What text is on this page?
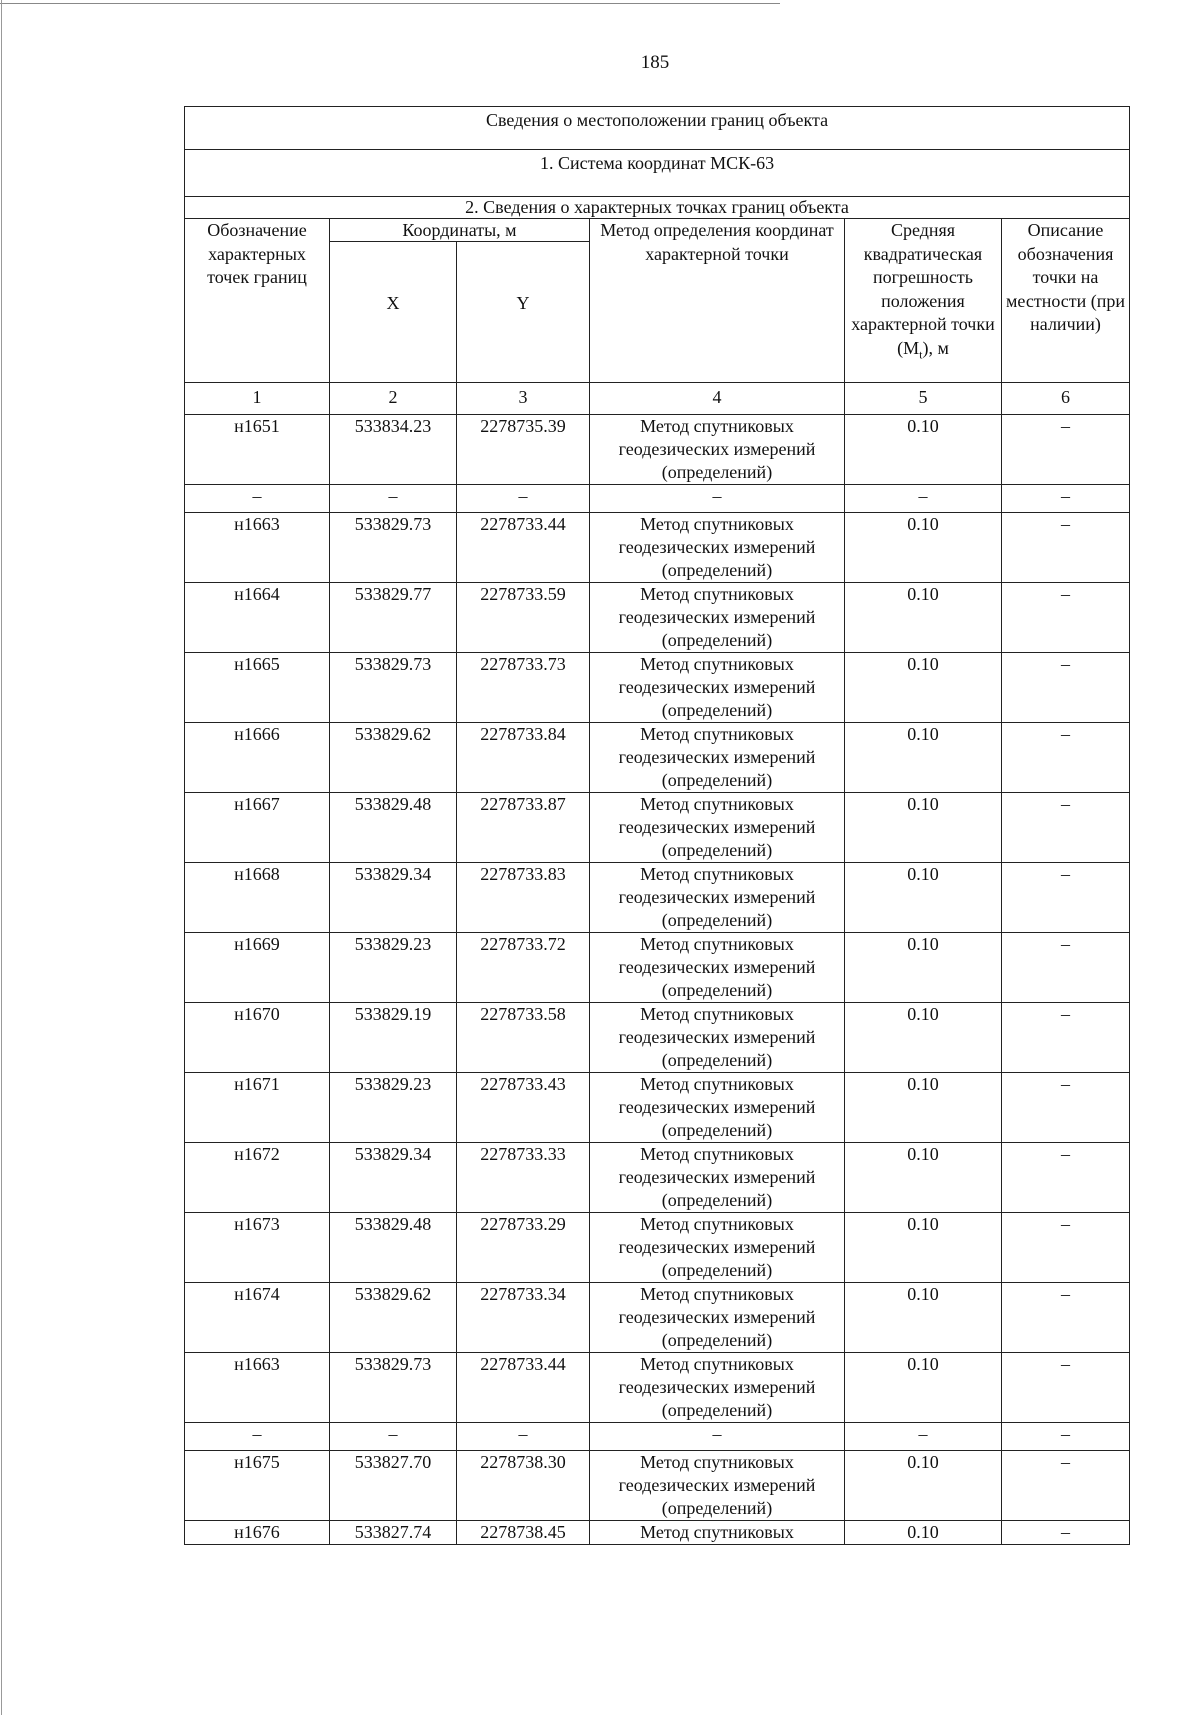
185
Сведения о местоположении границ объекта					
1. Система координат МСК-63					
2. Сведения о характерных точках границ объекта					
Обозначение характерных точек границ	Координаты, м		Метод определения координат характерной точки	Средняя квадратическая погрешность положения характерной точки $(M_t)$, м	Описание обозначения точки на местности (при наличии)
	X	Y			
1	2	3	4	5	6
н1651	533834.23	2278735.39	Метод спутниковых геодезических измерений (определений)	0.10	–
–	–	–	–	–	–
н1663	533829.73	2278733.44	Метод спутниковых геодезических измерений (определений)	0.10	–
н1664	533829.77	2278733.59	Метод спутниковых геодезических измерений (определений)	0.10	–
н1665	533829.73	2278733.73	Метод спутниковых геодезических измерений (определений)	0.10	–
н1666	533829.62	2278733.84	Метод спутниковых геодезических измерений (определений)	0.10	–
н1667	533829.48	2278733.87	Метод спутниковых геодезических измерений (определений)	0.10	–
н1668	533829.34	2278733.83	Метод спутниковых геодезических измерений (определений)	0.10	–
н1669	533829.23	2278733.72	Метод спутниковых геодезических измерений (определений)	0.10	–
н1670	533829.19	2278733.58	Метод спутниковых геодезических измерений (определений)	0.10	–
н1671	533829.23	2278733.43	Метод спутниковых геодезических измерений (определений)	0.10	–
н1672	533829.34	2278733.33	Метод спутниковых геодезических измерений (определений)	0.10	–
н1673	533829.48	2278733.29	Метод спутниковых геодезических измерений (определений)	0.10	–
н1674	533829.62	2278733.34	Метод спутниковых геодезических измерений (определений)	0.10	–
н1663	533829.73	2278733.44	Метод спутниковых геодезических измерений (определений)	0.10	–
–	–	–	–	–	–
н1675	533827.70	2278738.30	Метод спутниковых геодезических измерений (определений)	0.10	–
н1676	533827.74	2278738.45	Метод спутниковых	0.10	–
